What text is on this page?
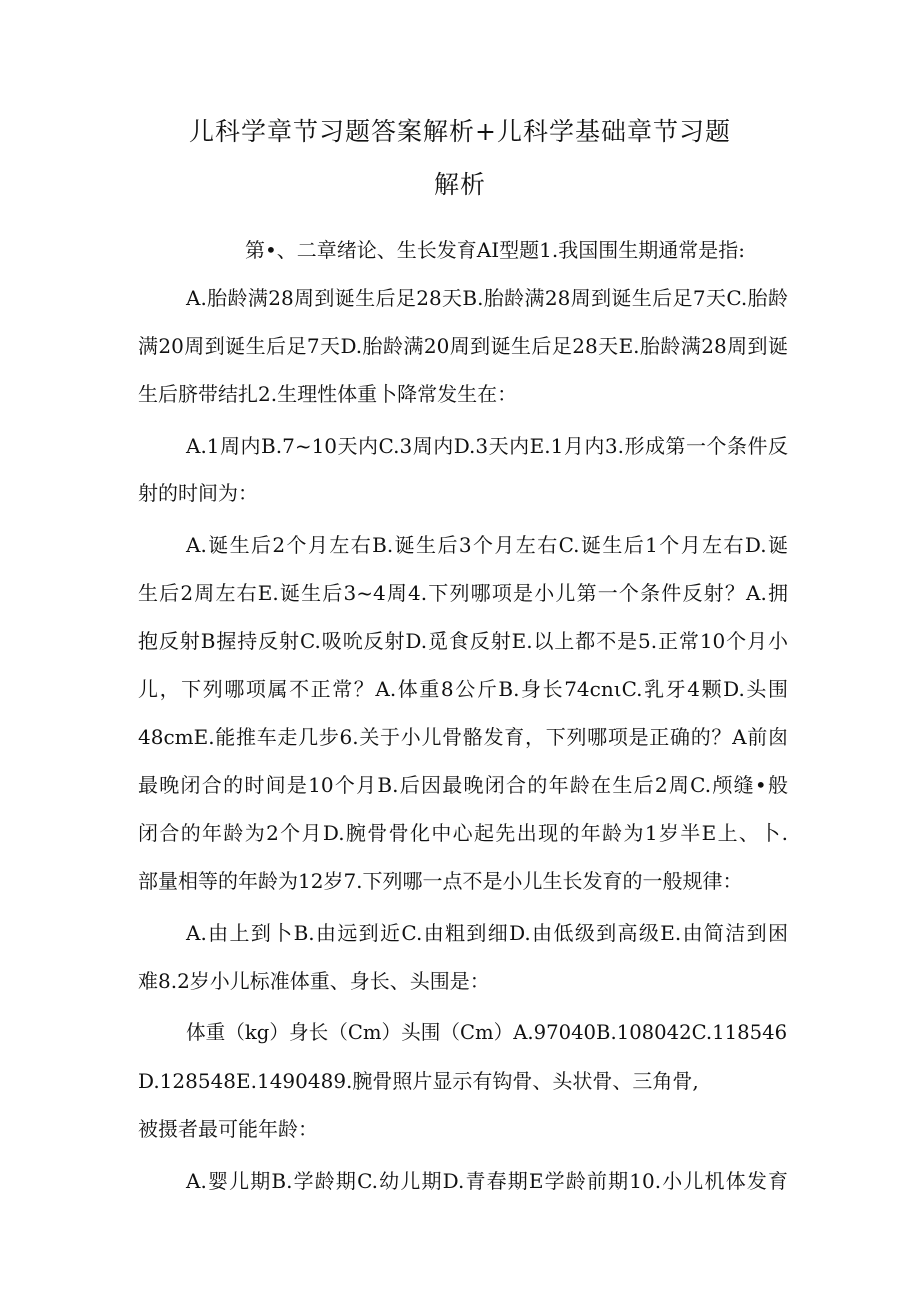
儿科学章节习题答案解析+儿科学基础章节习题
解析
第•、二章绪论、生长发育AI型题1.我国围生期通常是指:
A.胎龄满28周到诞生后足28天B.胎龄满28周到诞生后足7天C.胎龄
满20周到诞生后足7天D.胎龄满20周到诞生后足28天E.胎龄满28周到诞
生后脐带结扎2.生理性体重卜降常发生在：
A.1周内B.7~10天内C.3周内D.3天内E.1月内3.形成第一个条件反
射的时间为：
A.诞生后2个月左右B.诞生后3个月左右C.诞生后1个月左右D.诞
生后2周左右E.诞生后3~4周4.下列哪项是小儿第一个条件反射？A.拥
抱反射B握持反射C.吸吮反射D.觅食反射E.以上都不是5.正常10个月小
儿，下列哪项属不正常？A.体重8公斤B.身长74cnιC.乳牙4颗D.头围
48cmE.能推车走几步6.关于小儿骨骼发育，下列哪项是正确的？A前囱
最晚闭合的时间是10个月B.后因最晚闭合的年龄在生后2周C.颅缝•般
闭合的年龄为2个月D.腕骨骨化中心起先出现的年龄为1岁半E上、卜.
部量相等的年龄为12岁7.下列哪一点不是小儿生长发育的一般规律：
A.由上到卜B.由远到近C.由粗到细D.由低级到高级E.由简洁到困
难8.2岁小儿标准体重、身长、头围是：
体重（kg）身长（Cm）头围（Cm）A.97040B.108042C.118546
D.128548E.1490489.腕骨照片显示有钩骨、头状骨、三角骨,
被摄者最可能年龄：
A.婴儿期B.学龄期C.幼儿期D.青春期E学龄前期10.小儿机体发育
